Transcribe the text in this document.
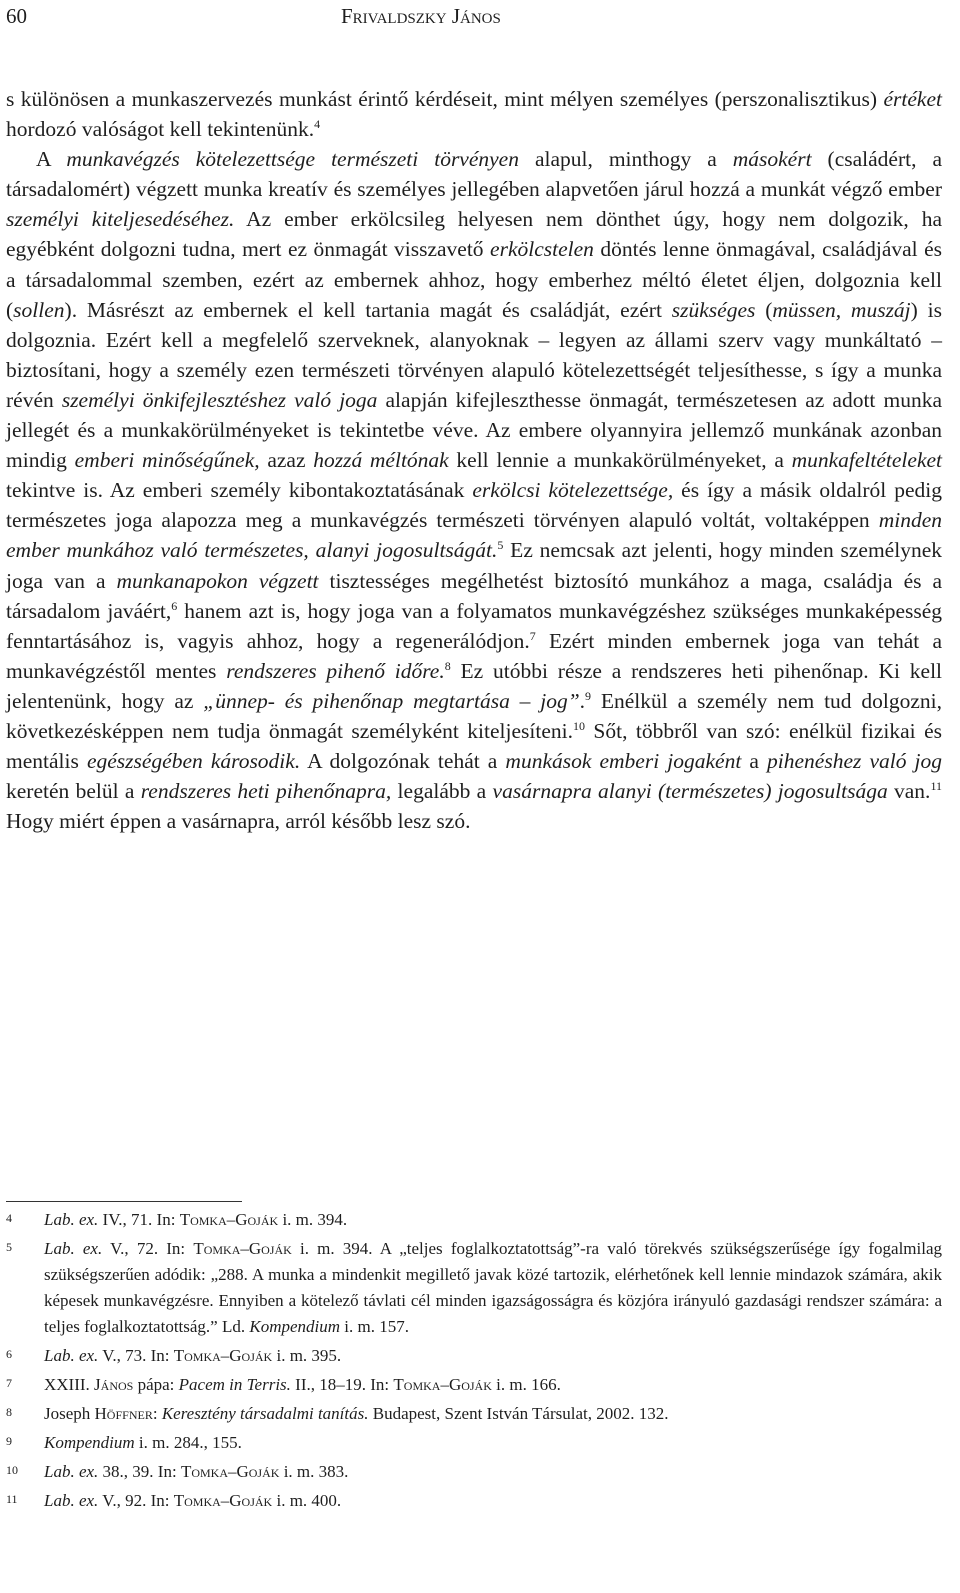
60	Frivaldszky János

s különösen a munkaszervezés munkást érintő kérdéseit, mint mélyen személyes (perszonalisztikus) értéket hordozó valóságot kell tekintenünk.$^4$

A munkavégzés kötelezettsége természeti törvényen alapul, minthogy a másokért (családért, a társadalomért) végzett munka kreatív és személyes jellegében alapvetően járul hozzá a munkát végző ember személyi kiteljesedéséhez. Az ember erkölcsileg helyesen nem dönthet úgy, hogy nem dolgozik, ha egyébként dolgozni tudna, mert ez önmagát visszavető erkölcstelen döntés lenne önmagával, családjával és a társadalommal szemben, ezért az embernek ahhoz, hogy emberhez méltó életet éljen, dolgoznia kell (sollen). Másrészt az embernek el kell tartania magát és családját, ezért szükséges (müssen, muszáj) is dolgoznia. Ezért kell a megfelelő szerveknek, alanyoknak – legyen az állami szerv vagy munkáltató – biztosítani, hogy a személy ezen természeti törvényen alapuló kötelezettségét teljesíthesse, s így a munka révén személyi önkifejlesztéshez való joga alapján kifejleszthesse önmagát, természetesen az adott munka jellegét és a munkakörülményeket is tekintetbe véve. Az embere olyannyira jellemző munkának azonban mindig emberi minőségűnek, azaz hozzá méltónak kell lennie a munkakörülményeket, a munkafeltételeket tekintve is. Az emberi személy kibontakoztatásának erkölcsi kötelezettsége, és így a másik oldalról pedig természetes joga alapozza meg a munkavégzés természeti törvényen alapuló voltát, voltaképpen minden ember munkához való természetes, alanyi jogosultságát.$^5$ Ez nemcsak azt jelenti, hogy minden személynek joga van a munkanapokon végzett tisztességes megélhetést biztosító munkához a maga, családja és a társadalom javáért,$^6$ hanem azt is, hogy joga van a folyamatos munkavégzéshez szükséges munkaképesség fenntartásához is, vagyis ahhoz, hogy a regenerálódjon.$^7$ Ezért minden embernek joga van tehát a munkavégzéstől mentes rendszeres pihenő időre.$^8$ Ez utóbbi része a rendszeres heti pihenőnap. Ki kell jelentenünk, hogy az „ünnep- és pihenőnap megtartása – jog”.$^9$ Enélkül a személy nem tud dolgozni, következésképpen nem tudja önmagát személyként kiteljesíteni.$^{10}$ Sőt, többről van szó: enélkül fizikai és mentális egészségében károsodik. A dolgozónak tehát a munkások emberi jogaként a pihenéshez való jog keretén belül a rendszeres heti pihenőnapra, legalább a vasárnapra alanyi (természetes) jogosultsága van.$^{11}$ Hogy miért éppen a vasárnapra, arról később lesz szó.

4 Lab. ex. IV., 71. In: Tomka–Goják i. m. 394.
5 Lab. ex. V., 72. In: Tomka–Goják i. m. 394. A „teljes foglalkoztatottság”-ra való törekvés szükségszerűsége így fogalmilag szükségszerűen adódik: „288. A munka a mindenkit megillető javak közé tartozik, elérhetőnek kell lennie mindazok számára, akik képesek munkavégzésre. Ennyiben a kötelező távlati cél minden igazságosságra és közjóra irányuló gazdasági rendszer számára: a teljes foglalkoztatottság.” Ld. Kompendium i. m. 157.
6 Lab. ex. V., 73. In: Tomka–Goják i. m. 395.
7 XXIII. János pápa: Pacem in Terris. II., 18–19. In: Tomka–Goják i. m. 166.
8 Joseph Höffner: Keresztény társadalmi tanítás. Budapest, Szent István Társulat, 2002. 132.
9 Kompendium i. m. 284., 155.
10 Lab. ex. 38., 39. In: Tomka–Goják i. m. 383.
11 Lab. ex. V., 92. In: Tomka–Goják i. m. 400.
